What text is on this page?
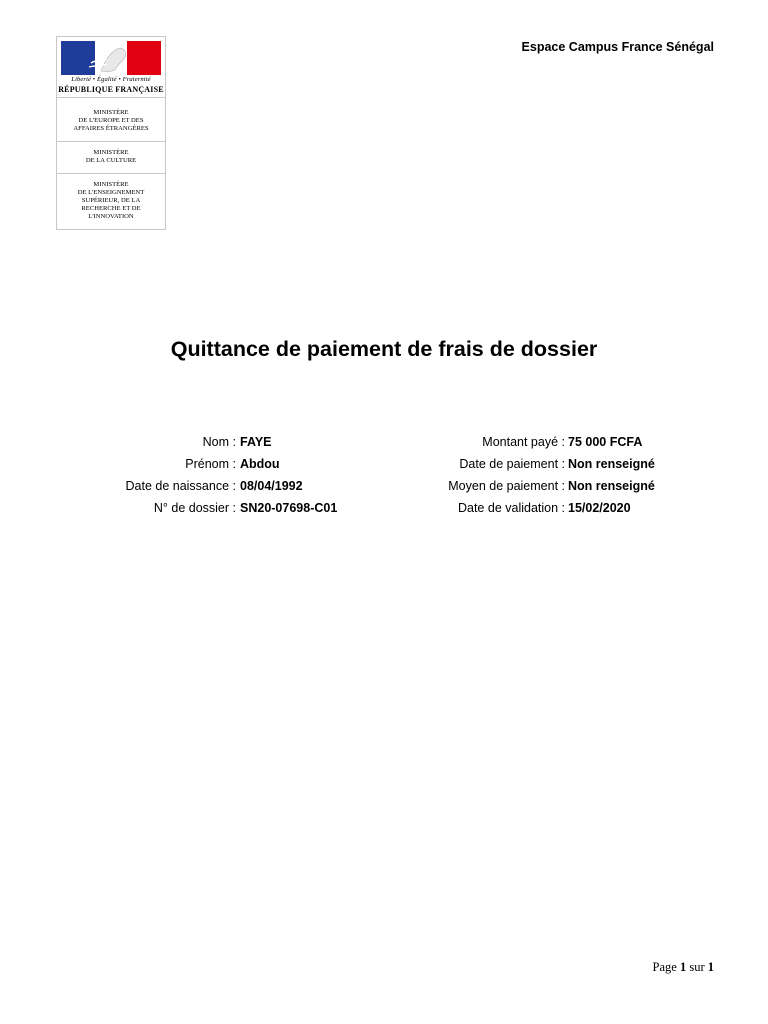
Liberté • Égalité • Fraternité
RÉPUBLIQUE FRANÇAISE
MINISTÈRE
DE L'EUROPE ET DES
AFFAIRES ÉTRANGÈRES
MINISTÈRE
DE LA CULTURE
MINISTÈRE
DE L'ENSEIGNEMENT
SUPÉRIEUR, DE LA
RECHERCHE ET DE
L'INNOVATION
Espace Campus France Sénégal
Quittance de paiement de frais de dossier
Nom : FAYE
Prénom : Abdou
Date de naissance : 08/04/1992
N° de dossier : SN20-07698-C01
Montant payé : 75 000 FCFA
Date de paiement : Non renseigné
Moyen de paiement : Non renseigné
Date de validation : 15/02/2020
Page 1 sur 1
